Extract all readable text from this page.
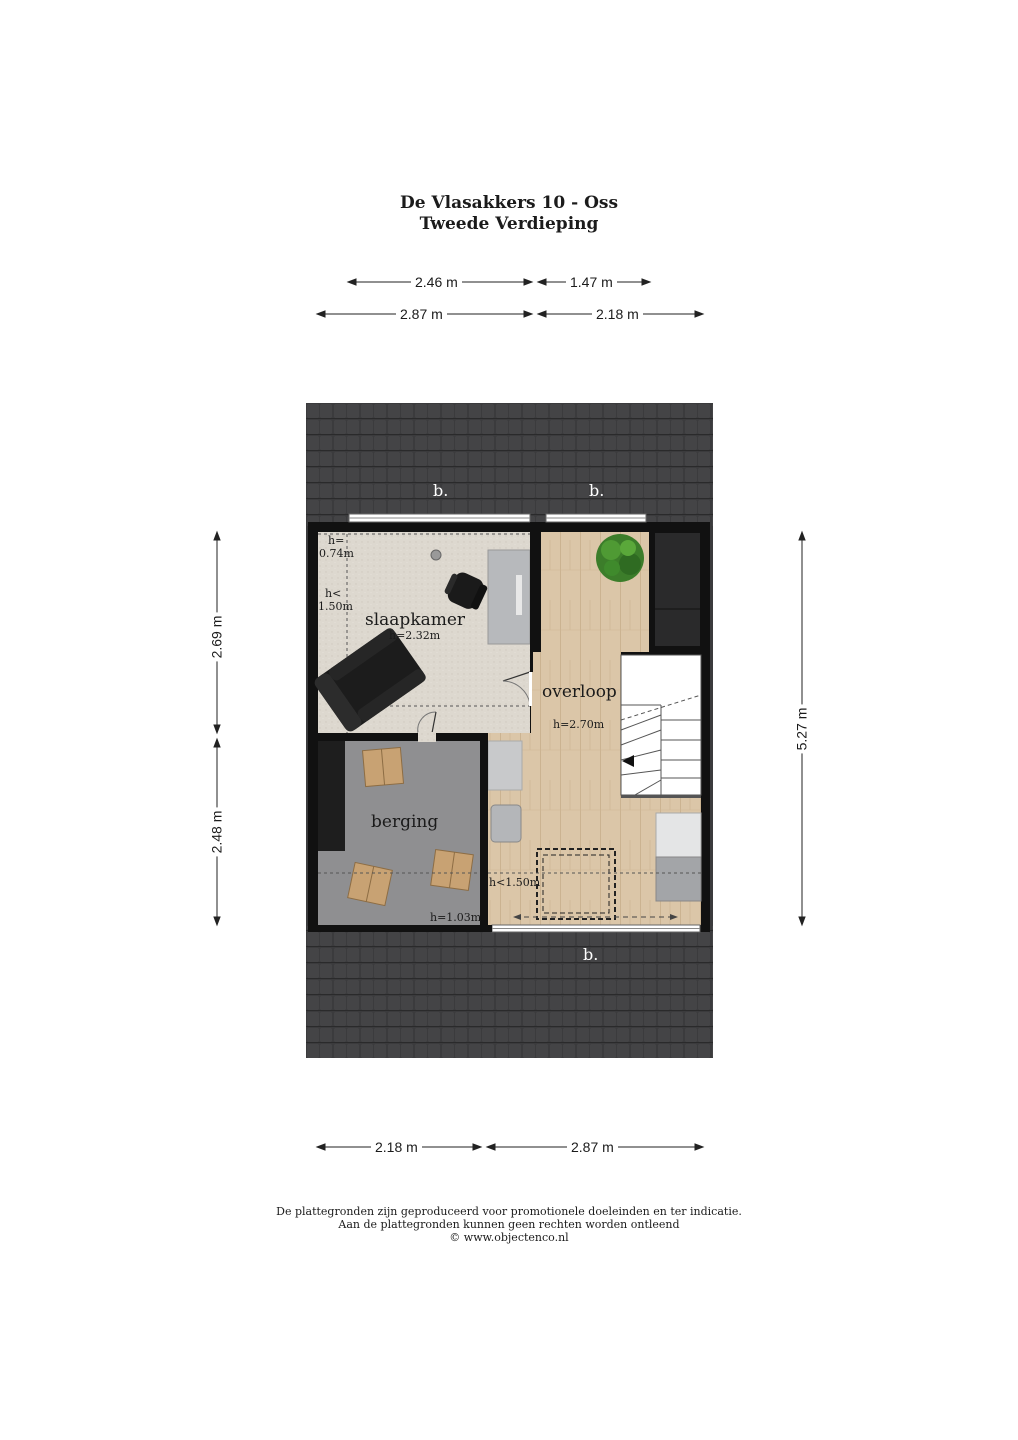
De Vlasakkers 10 - Oss
Tweede Verdieping
2.46 m	1.47 m
2.87 m	2.18 m
2.69 m
2.48 m
5.27 m
2.18 m	2.87 m
b.	b.
b.
slaapkamer
h=2.32m
overloop
h=2.70m
berging
h=1.03m
h=
0.74m
h<
1.50m
h<1.50m
De plattegronden zijn geproduceerd voor promotionele doeleinden en ter indicatie.
Aan de plattegronden kunnen geen rechten worden ontleend
© www.objectenco.nl
